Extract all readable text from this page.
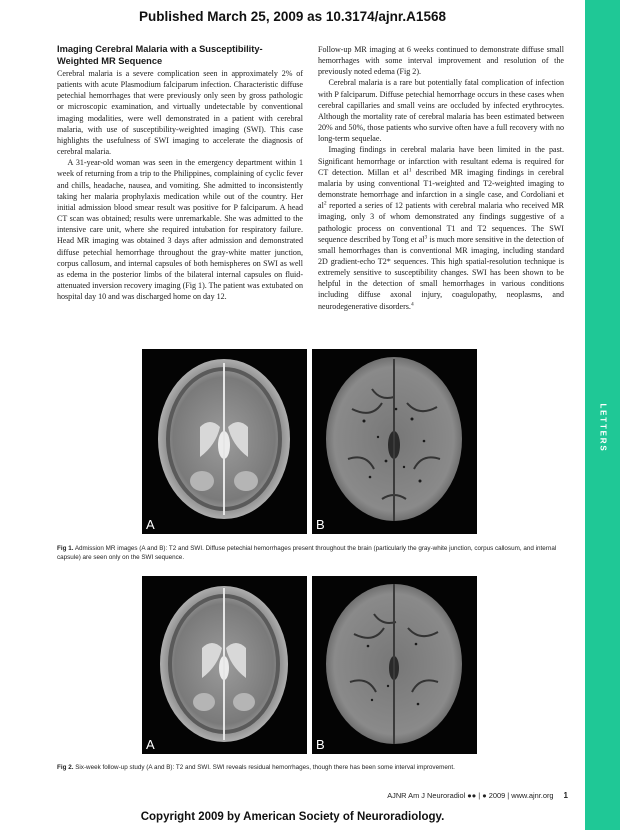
Published March 25, 2009 as 10.3174/ajnr.A1568
LETTERS
Imaging Cerebral Malaria with a Susceptibility-Weighted MR Sequence

Cerebral malaria is a severe complication seen in approximately 2% of patients with acute Plasmodium falciparum infection. Characteristic diffuse petechial hemorrhages that were previously only seen by gross pathologic or microscopic examination, and virtually undetectable by conventional imaging modalities, were well demonstrated in a patient with cerebral malaria, with use of susceptibility-weighted imaging (SWI). This case highlights the usefulness of SWI imaging to accelerate the diagnosis of cerebral malaria.

A 31-year-old woman was seen in the emergency department within 1 week of returning from a trip to the Philippines, complaining of cyclic fever and chills, headache, nausea, and vomiting. She admitted to inconsistently taking her malaria prophylaxis medication while out of the country. Her initial admission blood smear result was positive for P falciparum. A head CT scan was obtained; results were unremarkable. She was admitted to the intensive care unit, where she required intubation for respiratory failure. Head MR imaging was obtained 3 days after admission and demonstrated diffuse petechial hemorrhage throughout the gray-white matter junction, corpus callosum, and internal capsules of both hemispheres on SWI as well as edema in the posterior limbs of the bilateral internal capsules on fluid-attenuated inversion recovery imaging (Fig 1). The patient was extubated on hospital day 10 and was discharged home on day 12.

Follow-up MR imaging at 6 weeks continued to demonstrate diffuse small hemorrhages with some interval improvement and resolution of the previously noted edema (Fig 2).

Cerebral malaria is a rare but potentially fatal complication of infection with P falciparum. Diffuse petechial hemorrhage occurs in these cases when cerebral capillaries and small veins are occluded by infected erythrocytes. Although the mortality rate of cerebral malaria has been estimated between 20% and 50%, those patients who survive often have a full recovery with no long-term sequelae.

Imaging findings in cerebral malaria have been limited in the past. Significant hemorrhage or infarction with resultant edema is required for CT detection. Millan et $al^1$ described MR imaging findings in cerebral malaria by using conventional T1-weighted and T2-weighted imaging to demonstrate hemorrhage and infarction in a single case, and Cordoliani et $al^2$ reported a series of 12 patients with cerebral malaria who received MR imaging, only 3 of whom demonstrated any findings suggestive of a pathologic process on conventional T1 and T2 sequences. The SWI sequence described by Tong et $al^3$ is much more sensitive in the detection of small hemorrhages than is conventional MR imaging, including standard 2D gradient-echo T2* sequences. This high spatial-resolution technique is extremely sensitive to susceptibility changes. SWI has been shown to be helpful in the detection of small hemorrhages in various conditions including diffuse axonal injury, coagulopathy, neoplasms, and neurodegenerative disorders.$^4$

A	B
Fig 1. Admission MR images (A and B): T2 and SWI. Diffuse petechial hemorrhages present throughout the brain (particularly the gray-white junction, corpus callosum, and internal capsule) are seen only on the SWI sequence.
A	B
Fig 2. Six-week follow-up study (A and B): T2 and SWI. SWI reveals residual hemorrhages, though there has been some interval improvement.
AJNR Am J Neuroradiol ●● | ● 2009 | www.ajnr.org 1
Copyright 2009 by American Society of Neuroradiology.
